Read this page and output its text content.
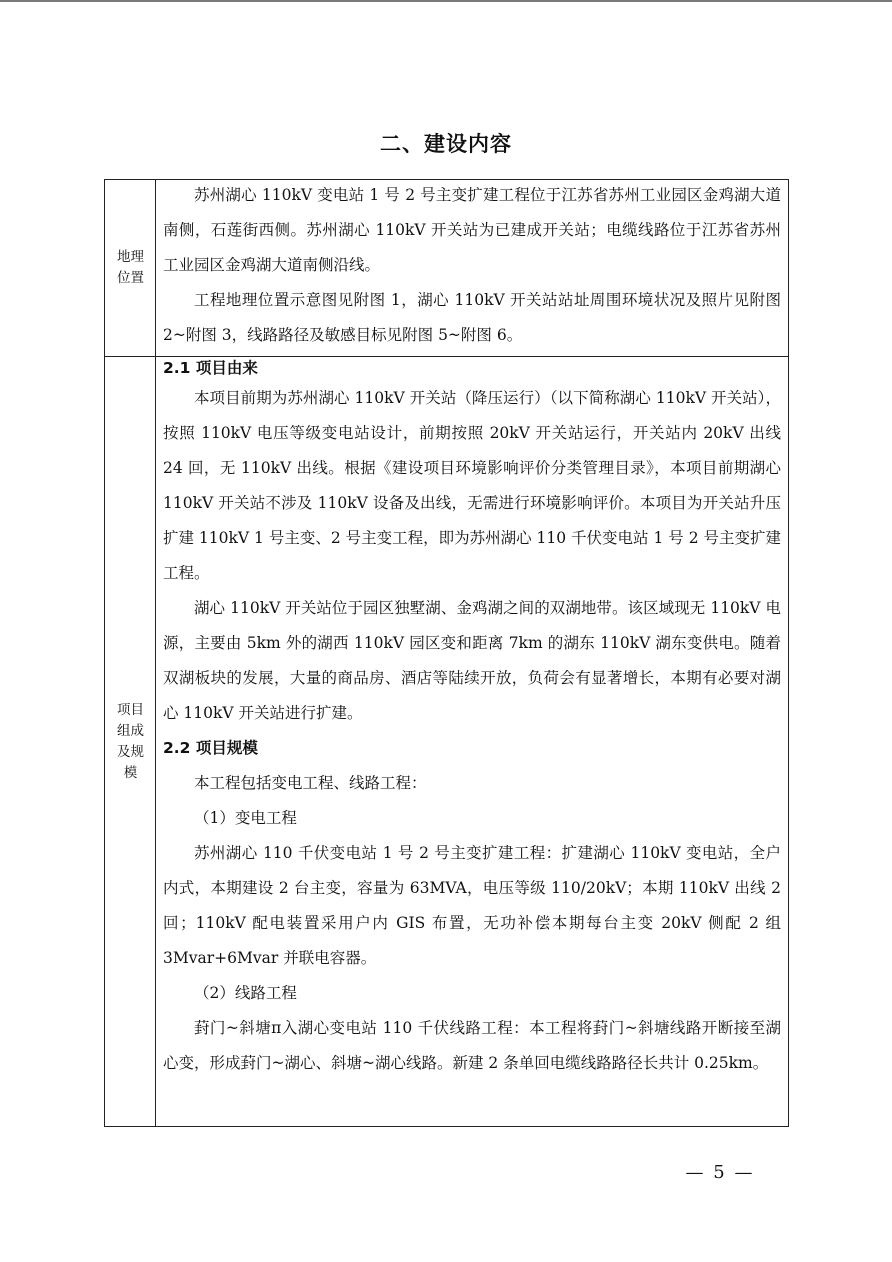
二、建设内容
地理
位置

苏州湖心 110kV 变电站 1 号 2 号主变扩建工程位于江苏省苏州工业园区金鸡湖大道南侧，石莲街西侧。苏州湖心 110kV 开关站为已建成开关站；电缆线路位于江苏省苏州工业园区金鸡湖大道南侧沿线。

工程地理位置示意图见附图 1，湖心 110kV 开关站站址周围环境状况及照片见附图 2~附图 3，线路路径及敏感目标见附图 5~附图 6。

项目
组成
及规
模
2.1 项目由来

本项目前期为苏州湖心 110kV 开关站（降压运行）（以下简称湖心 110kV 开关站），按照 110kV 电压等级变电站设计，前期按照 20kV 开关站运行，开关站内 20kV 出线 24 回，无 110kV 出线。根据《建设项目环境影响评价分类管理目录》，本项目前期湖心 110kV 开关站不涉及 110kV 设备及出线，无需进行环境影响评价。本项目为开关站升压扩建 110kV 1 号主变、2 号主变工程，即为苏州湖心 110 千伏变电站 1 号 2 号主变扩建工程。

湖心 110kV 开关站位于园区独墅湖、金鸡湖之间的双湖地带。该区域现无 110kV 电源，主要由 5km 外的湖西 110kV 园区变和距离 7km 的湖东 110kV 湖东变供电。随着双湖板块的发展，大量的商品房、酒店等陆续开放，负荷会有显著增长，本期有必要对湖心 110kV 开关站进行扩建。

2.2 项目规模

本工程包括变电工程、线路工程：

（1）变电工程

苏州湖心 110 千伏变电站 1 号 2 号主变扩建工程：扩建湖心 110kV 变电站，全户内式，本期建设 2 台主变，容量为 63MVA，电压等级 110/20kV；本期 110kV 出线 2 回；110kV 配电装置采用户内 GIS 布置，无功补偿本期每台主变 20kV 侧配 2 组 3Mvar+6Mvar 并联电容器。

（2）线路工程

葑门~斜塘π入湖心变电站 110 千伏线路工程：本工程将葑门~斜塘线路开断接至湖心变，形成葑门~湖心、斜塘~湖心线路。新建 2 条单回电缆线路路径长共计 0.25km。

— 5 —
